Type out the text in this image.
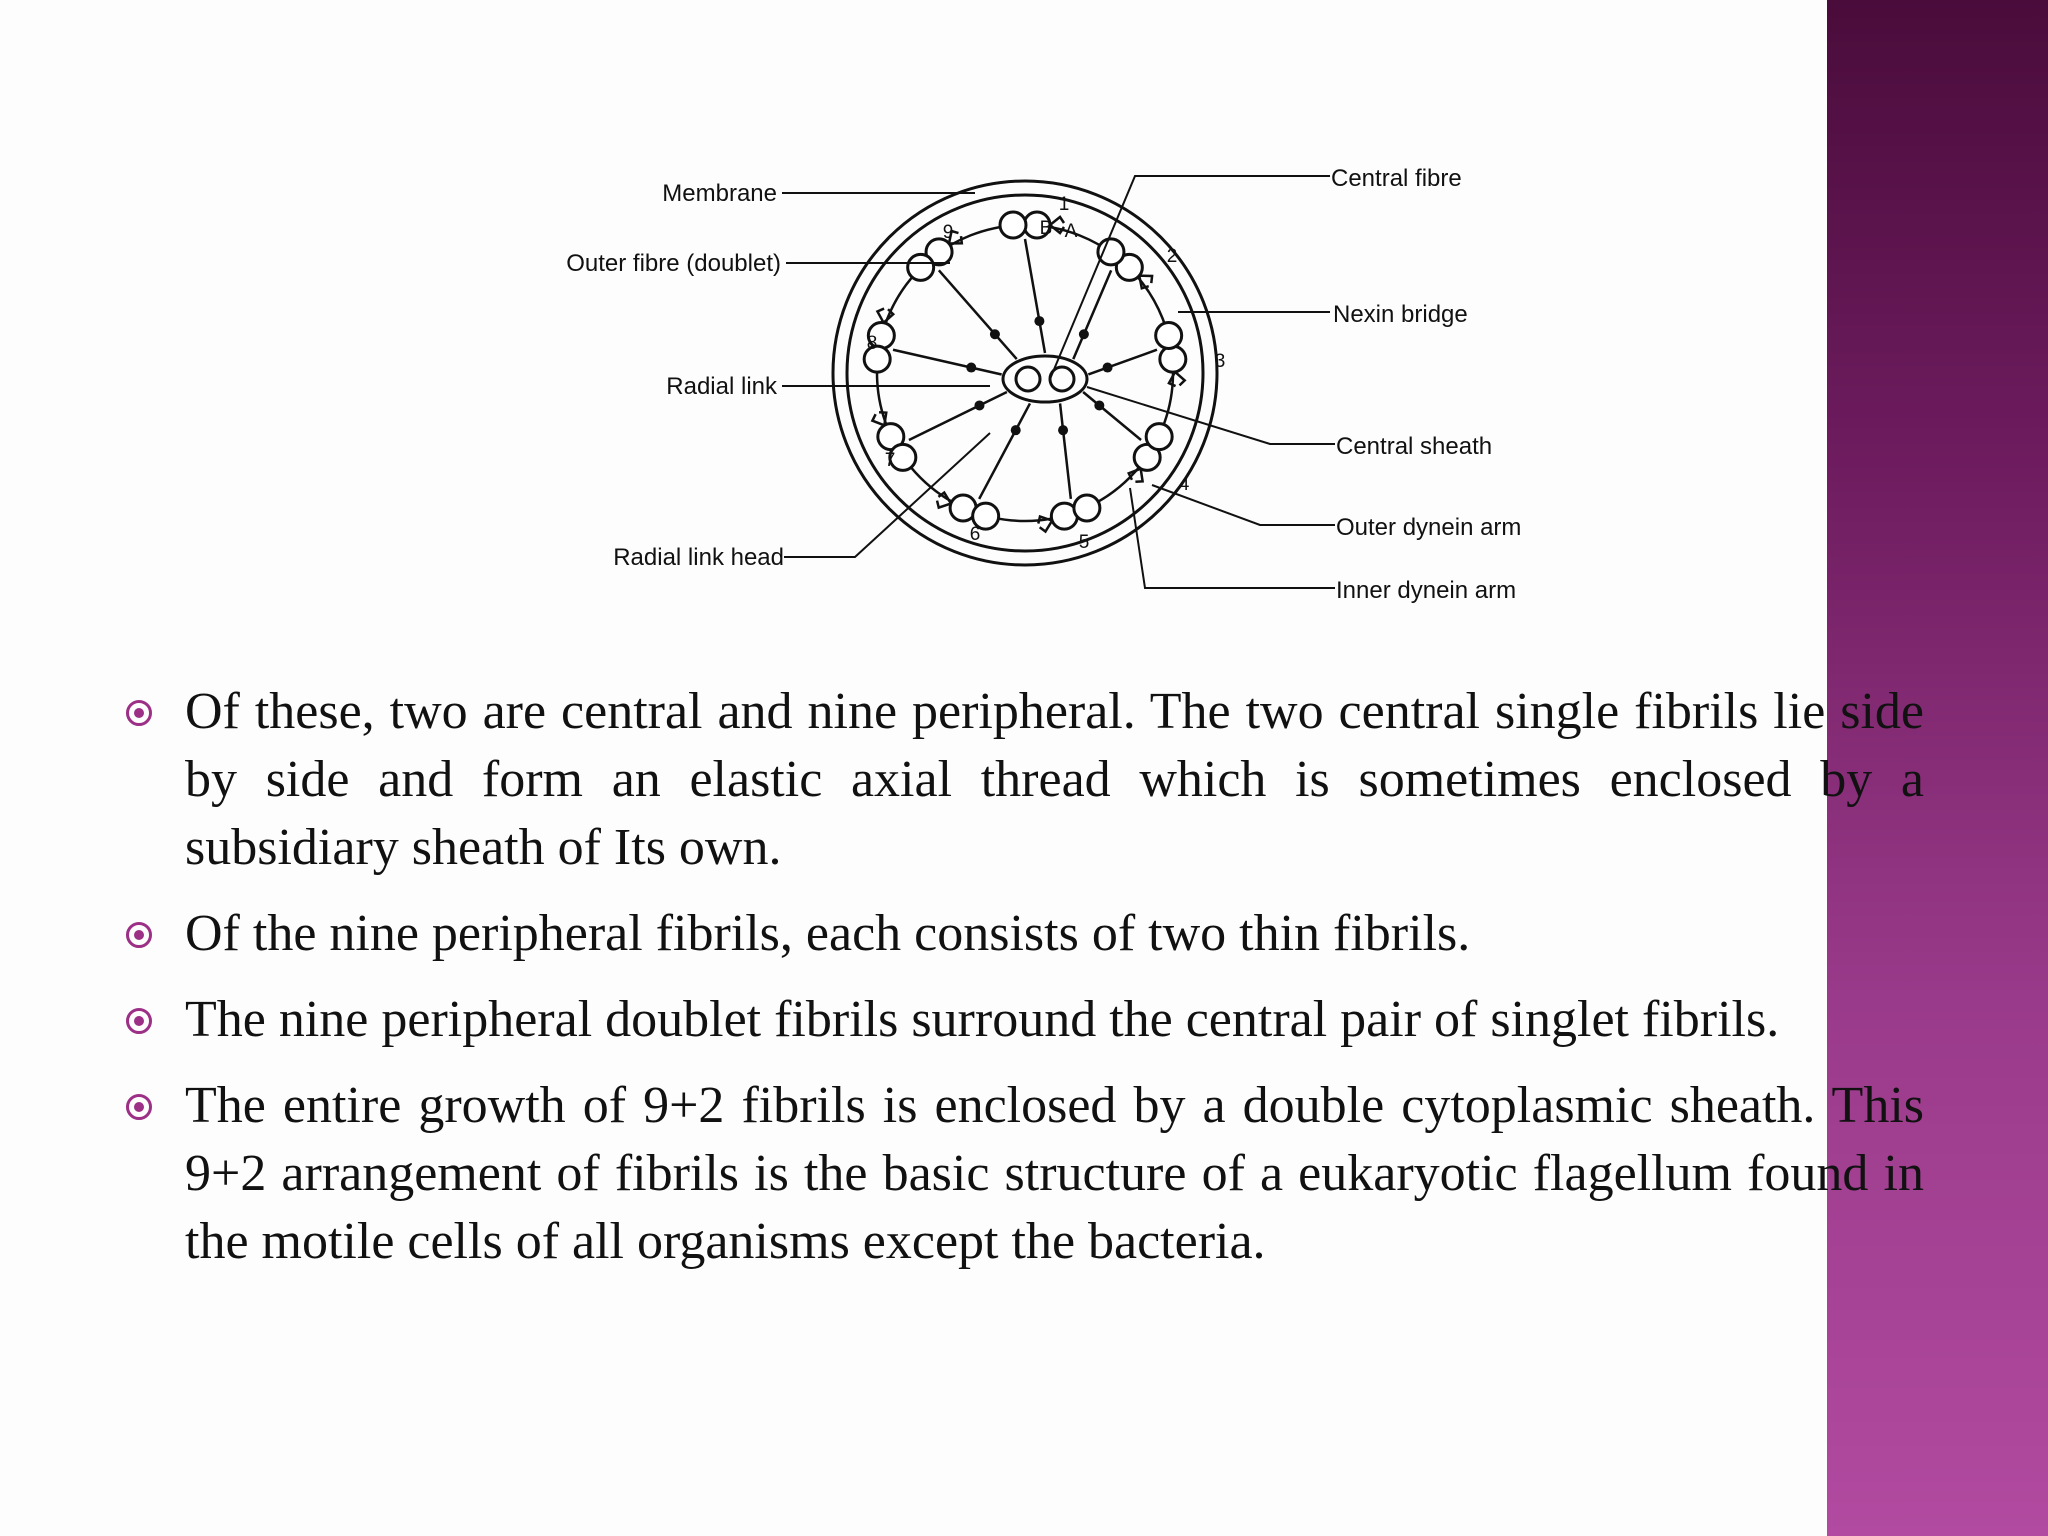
Membrane
Outer fibre (doublet)
Radial link
Radial link head
Central fibre
Nexin bridge
Central sheath
Outer dynein arm
Inner dynein arm
1
2
3
4
5
6
7
8
9	B A
Of these, two are central and nine peripheral. The two central single fibrils lie side by side and form an elastic axial thread which is sometimes enclosed by a subsidiary sheath of Its own.
Of the nine peripheral fibrils, each consists of two thin fibrils.
The nine peripheral doublet fibrils surround the central pair of singlet fibrils.
The entire growth of 9+2 fibrils is enclosed by a double cytoplasmic sheath. This 9+2 arrangement of fibrils is the basic structure of a eukaryotic flagellum found in the motile cells of all organisms except the bacteria.
